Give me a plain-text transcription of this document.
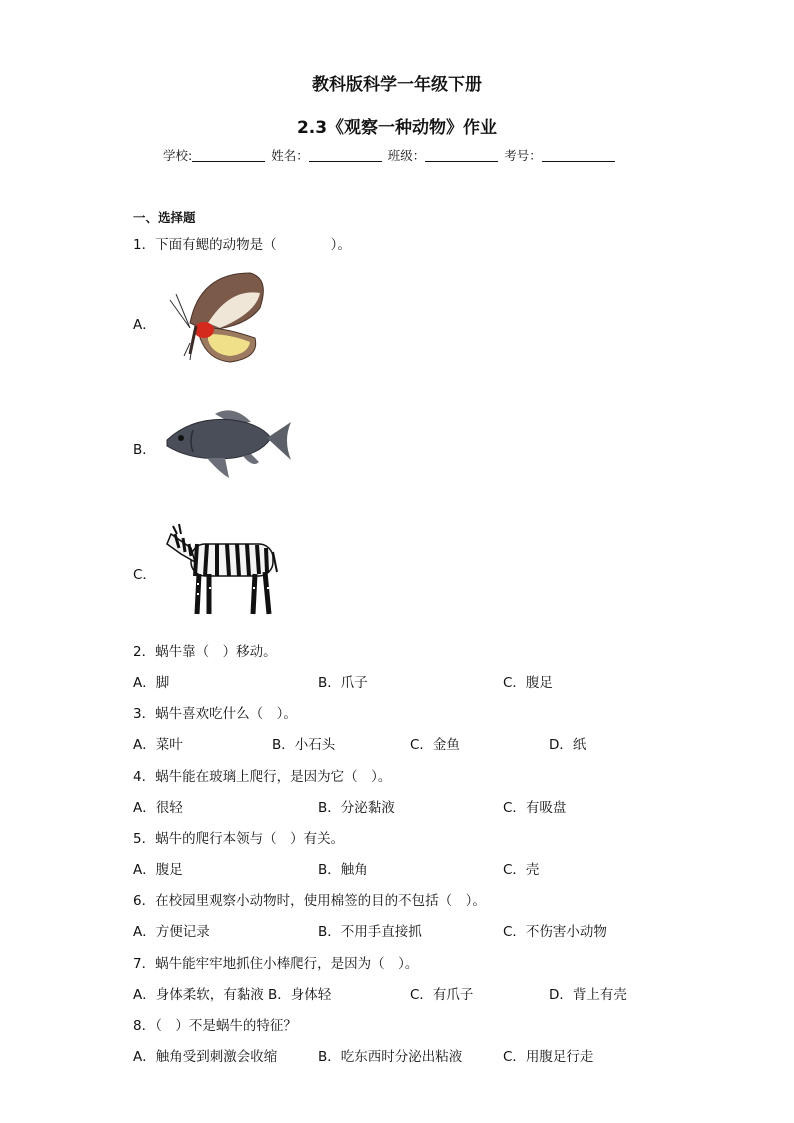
教科版科学一年级下册
2.3《观察一种动物》作业
学校:	姓名：	班级：	考号：
一、选择题
1．下面有鳃的动物是（　　　　）。
A．
B．
C．
2．蜗牛靠（　）移动。
A．脚	B．爪子	C．腹足
3．蜗牛喜欢吃什么（　）。
A．菜叶	B．小石头	C．金鱼	D．纸
4．蜗牛能在玻璃上爬行，是因为它（　）。
A．很轻	B．分泌黏液	C．有吸盘
5．蜗牛的爬行本领与（　）有关。
A．腹足	B．触角	C．壳
6．在校园里观察小动物时，使用棉签的目的不包括（　）。
A．方便记录	B．不用手直接抓	C．不伤害小动物
7．蜗牛能牢牢地抓住小棒爬行，是因为（　）。
A．身体柔软，有黏液 B．身体轻	C．有爪子	D．背上有壳
8．（　）不是蜗牛的特征？
A．触角受到刺激会收缩	B．吃东西时分泌出粘液	C．用腹足行走
